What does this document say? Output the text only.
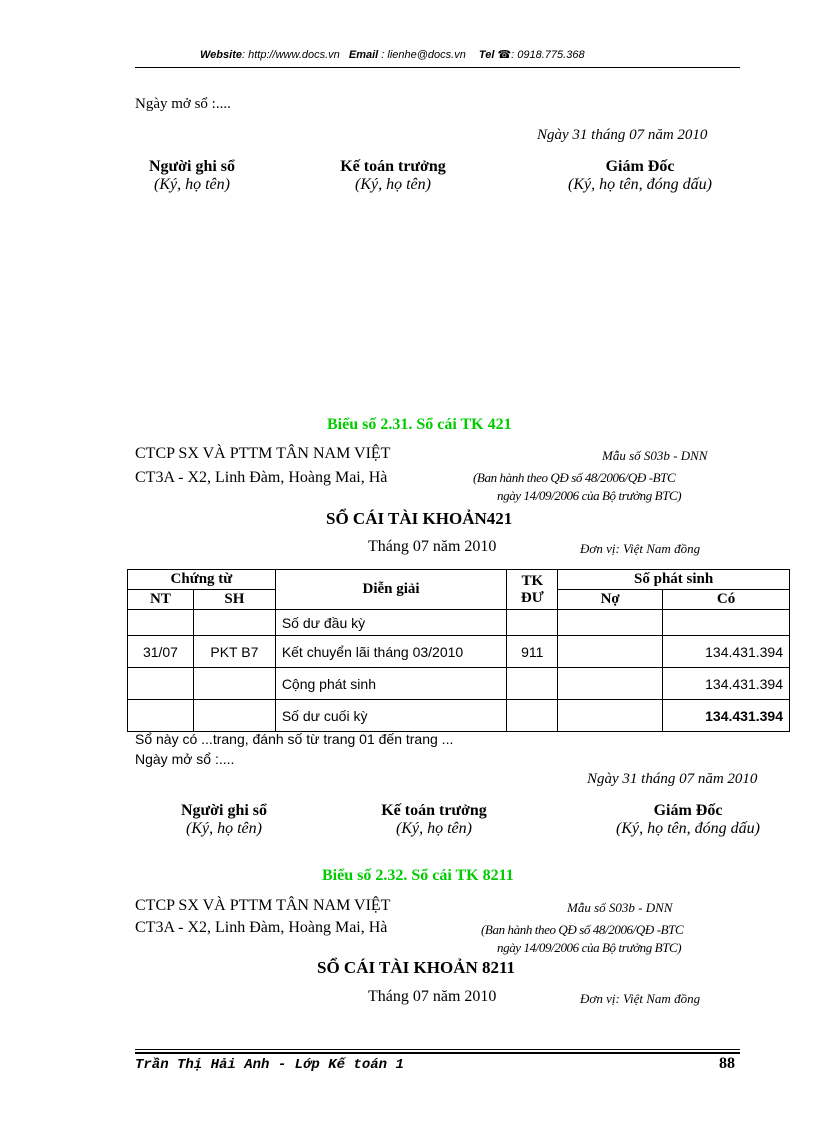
Website: http://www.docs.vn Email : lienhe@docs.vn Tel ☎: 0918.775.368
Ngày mở sổ :....
Ngày 31 tháng 07 năm 2010
Người ghi sổ
(Ký, họ tên)
Kế toán trưởng
(Ký, họ tên)
Giám Đốc
(Ký, họ tên, đóng dấu)
Biểu số 2.31. Sổ cái TK 421
CTCP SX VÀ PTTM TÂN NAM VIỆT
CT3A - X2, Linh Đàm, Hoàng Mai, Hà
Mẫu số S03b - DNN
(Ban hành theo QĐ số 48/2006/QĐ -BTC
ngày 14/09/2006 của Bộ trưởng BTC)
SỔ CÁI TÀI KHOẢN421
Tháng 07 năm 2010	Đơn vị: Việt Nam đồng
Chứng từ		Diễn giải	TK
ĐƯ	Số phát sinh	
NT	SH			Nợ	Có
		Số dư đầu kỳ			
31/07	PKT B7	Kết chuyển lãi tháng 03/2010	911		134.431.394
		Cộng phát sinh			134.431.394
		Số dư cuối kỳ			134.431.394
Sổ này có ...trang, đánh số từ trang 01 đến trang ...
Ngày mở sổ :....
Ngày 31 tháng 07 năm 2010
Người ghi sổ
(Ký, họ tên)
Kế toán trưởng
(Ký, họ tên)
Giám Đốc
(Ký, họ tên, đóng dấu)
Biểu số 2.32. Sổ cái TK 8211
CTCP SX VÀ PTTM TÂN NAM VIỆT
CT3A - X2, Linh Đàm, Hoàng Mai, Hà
Mẫu số S03b - DNN
(Ban hành theo QĐ số 48/2006/QĐ -BTC
ngày 14/09/2006 của Bộ trưởng BTC)
SỔ CÁI TÀI KHOẢN 8211
Tháng 07 năm 2010	Đơn vị: Việt Nam đồng
Trần Thị Hải Anh - Lớp Kế toán 1	88
